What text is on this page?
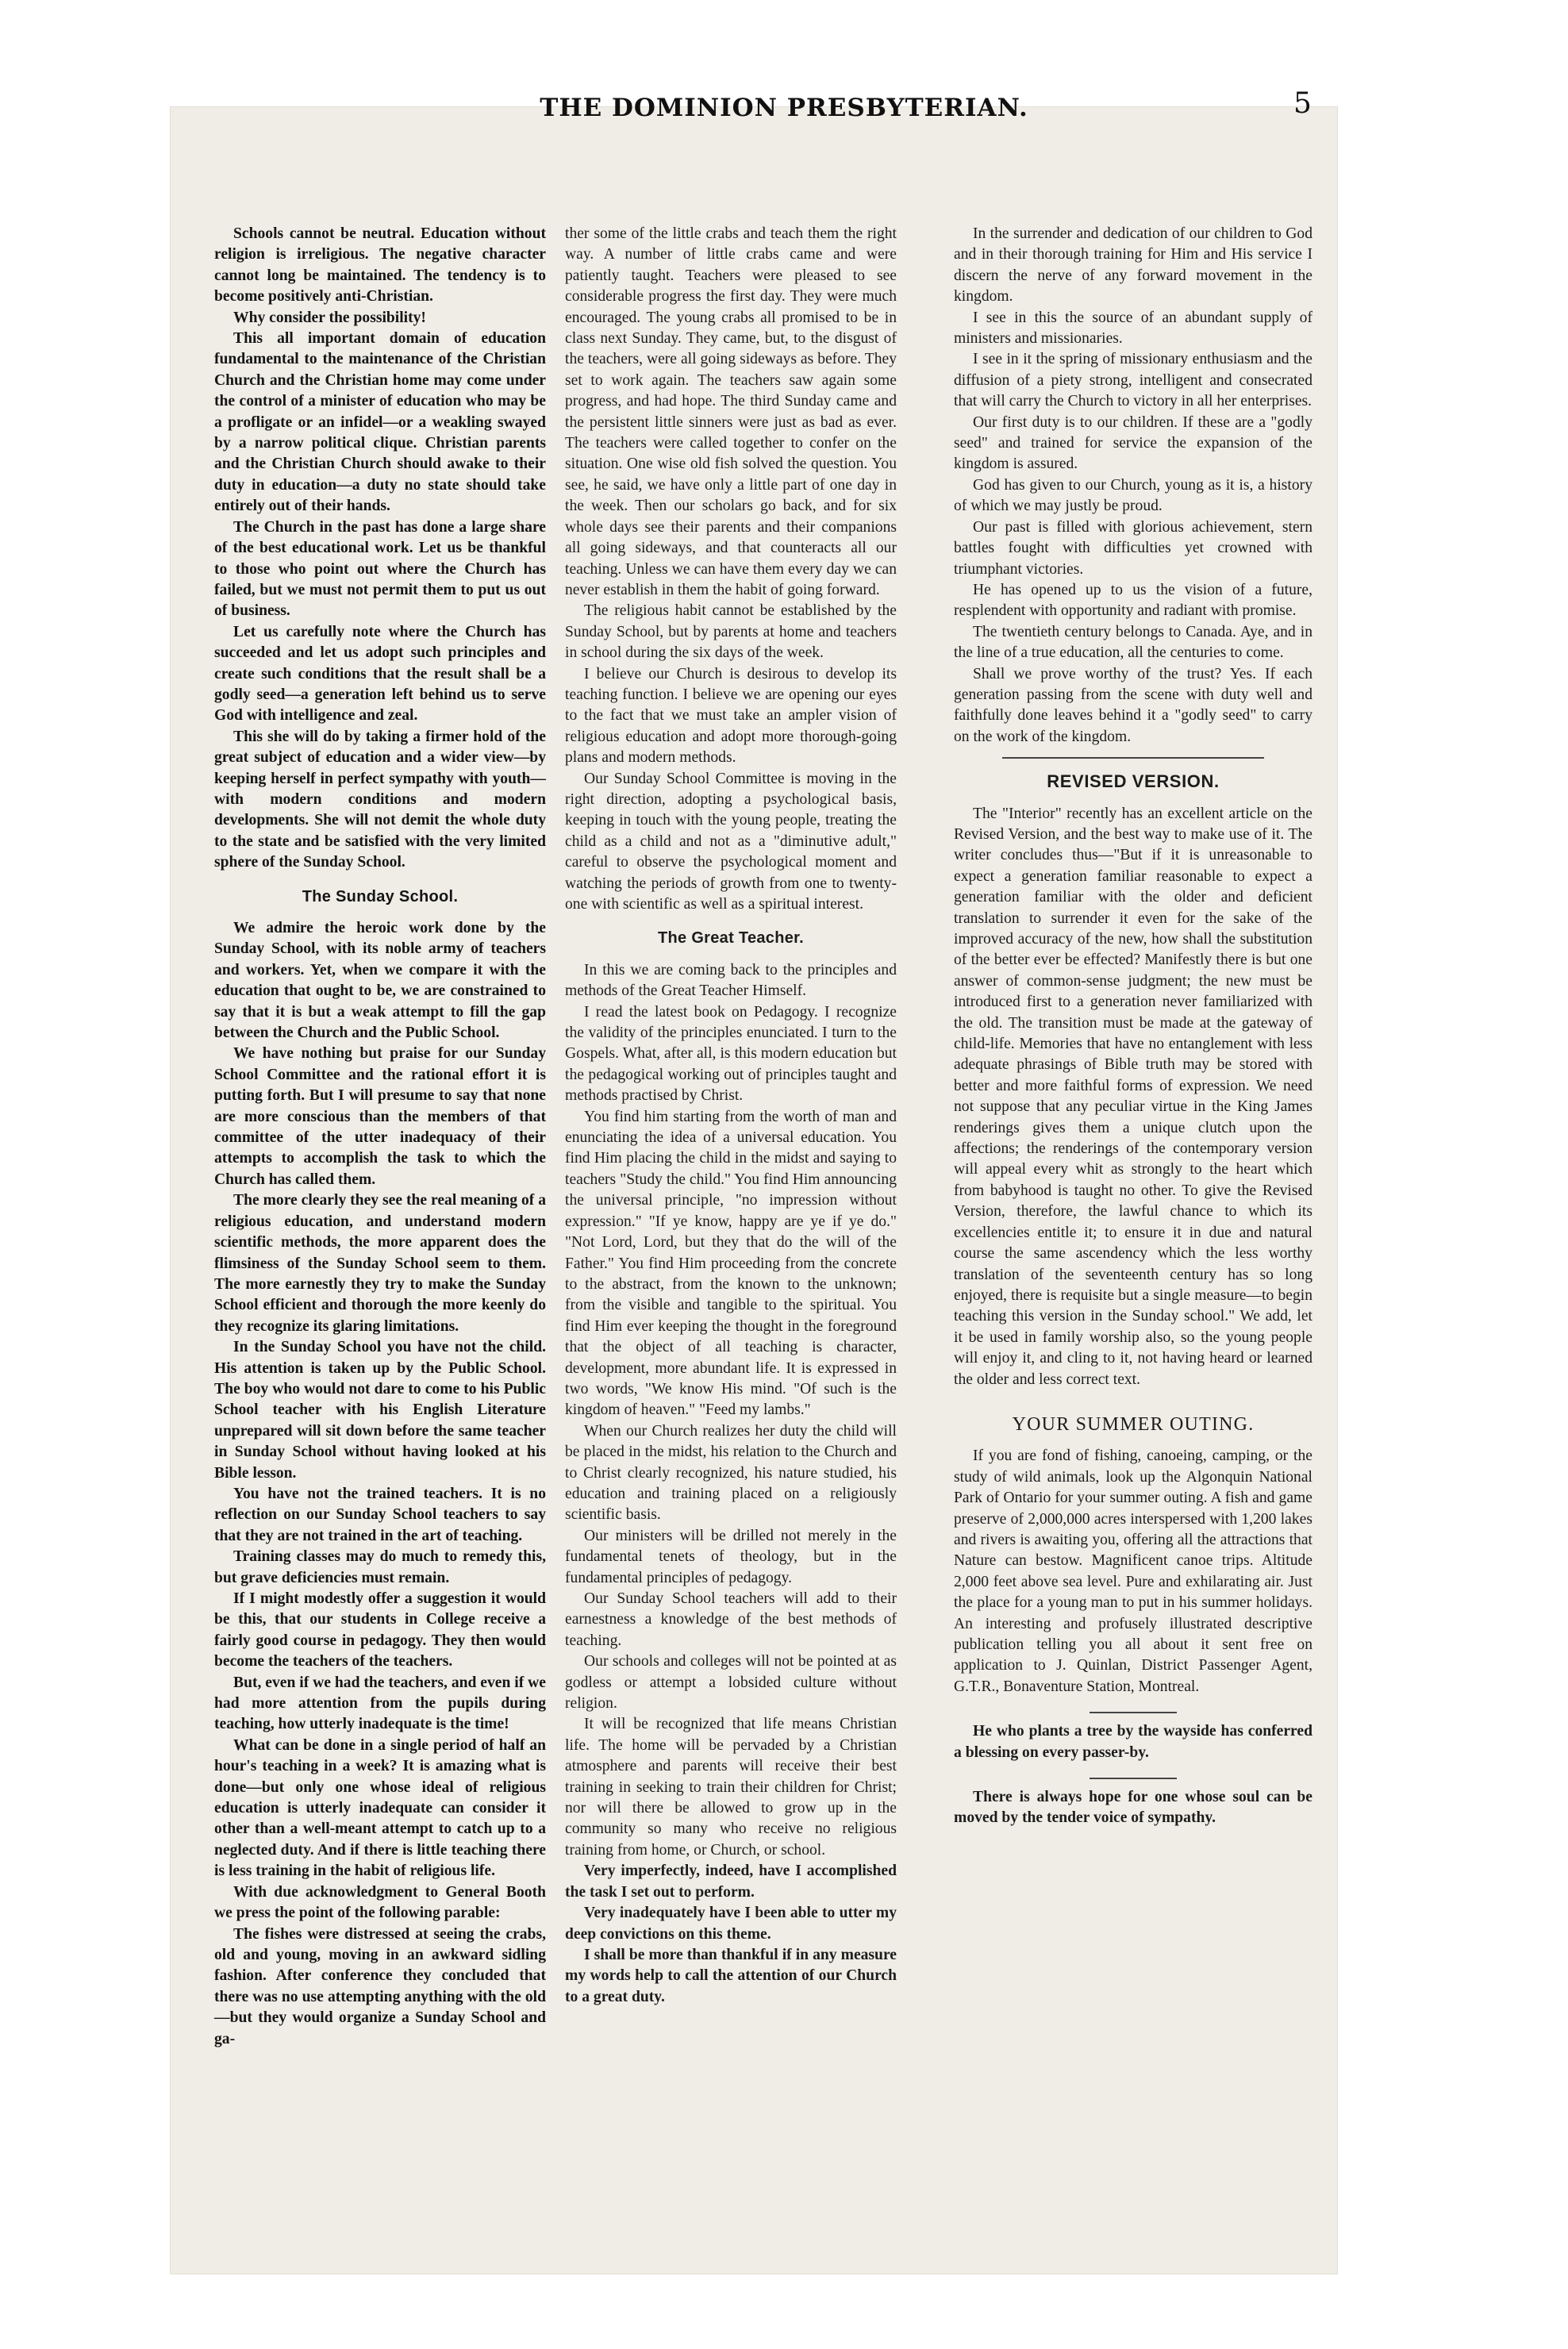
THE DOMINION PRESBYTERIAN.	5

Schools cannot be neutral. Education without religion is irreligious. The negative character cannot long be maintained. The tendency is to become positively anti-Christian.

Why consider the possibility!

This all important domain of education fundamental to the maintenance of the Christian Church and the Christian home may come under the control of a minister of education who may be a profligate or an infidel—or a weakling swayed by a narrow political clique. Christian parents and the Christian Church should awake to their duty in education—a duty no state should take entirely out of their hands.

The Church in the past has done a large share of the best educational work. Let us be thankful to those who point out where the Church has failed, but we must not permit them to put us out of business.

Let us carefully note where the Church has succeeded and let us adopt such principles and create such conditions that the result shall be a godly seed—a generation left behind us to serve God with intelligence and zeal.

This she will do by taking a firmer hold of the great subject of education and a wider view—by keeping herself in perfect sympathy with youth—with modern conditions and modern developments. She will not demit the whole duty to the state and be satisfied with the very limited sphere of the Sunday School.

The Sunday School.

We admire the heroic work done by the Sunday School, with its noble army of teachers and workers. Yet, when we compare it with the education that ought to be, we are constrained to say that it is but a weak attempt to fill the gap between the Church and the Public School.

We have nothing but praise for our Sunday School Committee and the rational effort it is putting forth. But I will presume to say that none are more conscious than the members of that committee of the utter inadequacy of their attempts to accomplish the task to which the Church has called them.

The more clearly they see the real meaning of a religious education, and understand modern scientific methods, the more apparent does the flimsiness of the Sunday School seem to them. The more earnestly they try to make the Sunday School efficient and thorough the more keenly do they recognize its glaring limitations.

In the Sunday School you have not the child. His attention is taken up by the Public School. The boy who would not dare to come to his Public School teacher with his English Literature unprepared will sit down before the same teacher in Sunday School without having looked at his Bible lesson.

You have not the trained teachers. It is no reflection on our Sunday School teachers to say that they are not trained in the art of teaching.

Training classes may do much to remedy this, but grave deficiencies must remain.

If I might modestly offer a suggestion it would be this, that our students in College receive a fairly good course in pedagogy. They then would become the teachers of the teachers.

But, even if we had the teachers, and even if we had more attention from the pupils during teaching, how utterly inadequate is the time!

What can be done in a single period of half an hour's teaching in a week? It is amazing what is done—but only one whose ideal of religious education is utterly inadequate can consider it other than a well-meant attempt to catch up to a neglected duty. And if there is little teaching there is less training in the habit of religious life.

With due acknowledgment to General Booth we press the point of the following parable:

The fishes were distressed at seeing the crabs, old and young, moving in an awkward sidling fashion. After conference they concluded that there was no use attempting anything with the old—but they would organize a Sunday School and ga-

ther some of the little crabs and teach them the right way. A number of little crabs came and were patiently taught. Teachers were pleased to see considerable progress the first day. They were much encouraged. The young crabs all promised to be in class next Sunday. They came, but, to the disgust of the teachers, were all going sideways as before. They set to work again. The teachers saw again some progress, and had hope. The third Sunday came and the persistent little sinners were just as bad as ever. The teachers were called together to confer on the situation. One wise old fish solved the question. You see, he said, we have only a little part of one day in the week. Then our scholars go back, and for six whole days see their parents and their companions all going sideways, and that counteracts all our teaching. Unless we can have them every day we can never establish in them the habit of going forward.

The religious habit cannot be established by the Sunday School, but by parents at home and teachers in school during the six days of the week.

I believe our Church is desirous to develop its teaching function. I believe we are opening our eyes to the fact that we must take an ampler vision of religious education and adopt more thorough-going plans and modern methods.

Our Sunday School Committee is moving in the right direction, adopting a psychological basis, keeping in touch with the young people, treating the child as a child and not as a "diminutive adult," careful to observe the psychological moment and watching the periods of growth from one to twenty-one with scientific as well as a spiritual interest.

The Great Teacher.

In this we are coming back to the principles and methods of the Great Teacher Himself.

I read the latest book on Pedagogy. I recognize the validity of the principles enunciated. I turn to the Gospels. What, after all, is this modern education but the pedagogical working out of principles taught and methods practised by Christ.

You find him starting from the worth of man and enunciating the idea of a universal education. You find Him placing the child in the midst and saying to teachers "Study the child." You find Him announcing the universal principle, "no impression without expression." "If ye know, happy are ye if ye do." "Not Lord, Lord, but they that do the will of the Father." You find Him proceeding from the concrete to the abstract, from the known to the unknown; from the visible and tangible to the spiritual. You find Him ever keeping the thought in the foreground that the object of all teaching is character, development, more abundant life. It is expressed in two words, "We know His mind. "Of such is the kingdom of heaven." "Feed my lambs."

When our Church realizes her duty the child will be placed in the midst, his relation to the Church and to Christ clearly recognized, his nature studied, his education and training placed on a religiously scientific basis.

Our ministers will be drilled not merely in the fundamental tenets of theology, but in the fundamental principles of pedagogy.

Our Sunday School teachers will add to their earnestness a knowledge of the best methods of teaching.

Our schools and colleges will not be pointed at as godless or attempt a lobsided culture without religion.

It will be recognized that life means Christian life. The home will be pervaded by a Christian atmosphere and parents will receive their best training in seeking to train their children for Christ; nor will there be allowed to grow up in the community so many who receive no religious training from home, or Church, or school.

Very imperfectly, indeed, have I accomplished the task I set out to perform.

Very inadequately have I been able to utter my deep convictions on this theme.

I shall be more than thankful if in any measure my words help to call the attention of our Church to a great duty.

In the surrender and dedication of our children to God and in their thorough training for Him and His service I discern the nerve of any forward movement in the kingdom.

I see in this the source of an abundant supply of ministers and missionaries.

I see in it the spring of missionary enthusiasm and the diffusion of a piety strong, intelligent and consecrated that will carry the Church to victory in all her enterprises.

Our first duty is to our children. If these are a "godly seed" and trained for service the expansion of the kingdom is assured.

God has given to our Church, young as it is, a history of which we may justly be proud.

Our past is filled with glorious achievement, stern battles fought with difficulties yet crowned with triumphant victories.

He has opened up to us the vision of a future, resplendent with opportunity and radiant with promise.

The twentieth century belongs to Canada. Aye, and in the line of a true education, all the centuries to come.

Shall we prove worthy of the trust? Yes. If each generation passing from the scene with duty well and faithfully done leaves behind it a "godly seed" to carry on the work of the kingdom.

REVISED VERSION.

The "Interior" recently has an excellent article on the Revised Version, and the best way to make use of it. The writer concludes thus—"But if it is unreasonable to expect a generation familiar reasonable to expect a generation familiar with the older and deficient translation to surrender it even for the sake of the improved accuracy of the new, how shall the substitution of the better ever be effected? Manifestly there is but one answer of common-sense judgment; the new must be introduced first to a generation never familiarized with the old. The transition must be made at the gateway of child-life. Memories that have no entanglement with less adequate phrasings of Bible truth may be stored with better and more faithful forms of expression. We need not suppose that any peculiar virtue in the King James renderings gives them a unique clutch upon the affections; the renderings of the contemporary version will appeal every whit as strongly to the heart which from babyhood is taught no other. To give the Revised Version, therefore, the lawful chance to which its excellencies entitle it; to ensure it in due and natural course the same ascendency which the less worthy translation of the seventeenth century has so long enjoyed, there is requisite but a single measure—to begin teaching this version in the Sunday school." We add, let it be used in family worship also, so the young people will enjoy it, and cling to it, not having heard or learned the older and less correct text.

YOUR SUMMER OUTING.

If you are fond of fishing, canoeing, camping, or the study of wild animals, look up the Algonquin National Park of Ontario for your summer outing. A fish and game preserve of 2,000,000 acres interspersed with 1,200 lakes and rivers is awaiting you, offering all the attractions that Nature can bestow. Magnificent canoe trips. Altitude 2,000 feet above sea level. Pure and exhilarating air. Just the place for a young man to put in his summer holidays. An interesting and profusely illustrated descriptive publication telling you all about it sent free on application to J. Quinlan, District Passenger Agent, G.T.R., Bonaventure Station, Montreal.

He who plants a tree by the wayside has conferred a blessing on every passer-by.

There is always hope for one whose soul can be moved by the tender voice of sympathy.
